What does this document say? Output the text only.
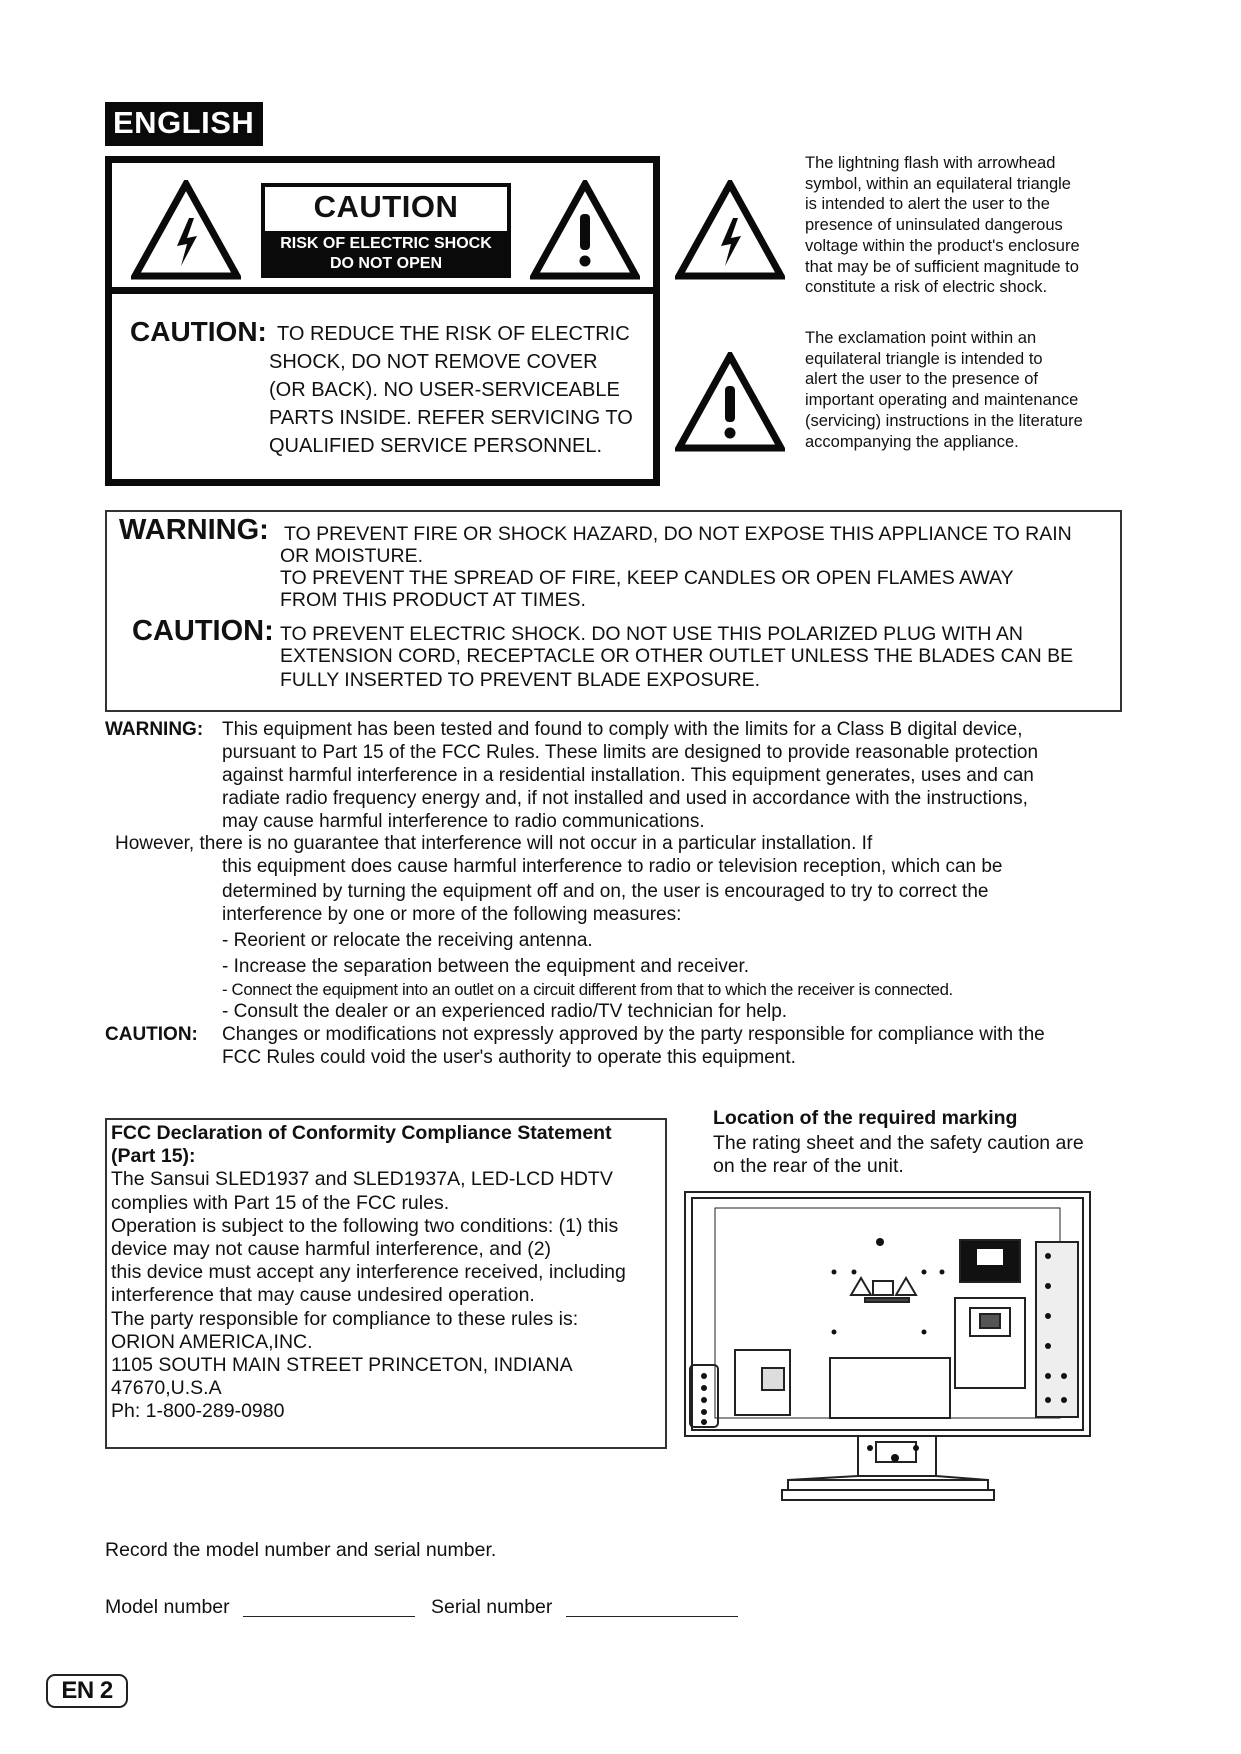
ENGLISH
CAUTION
RISK OF ELECTRIC SHOCK
DO NOT OPEN
CAUTION: TO REDUCE THE RISK OF ELECTRIC
SHOCK, DO NOT REMOVE COVER
(OR BACK). NO USER-SERVICEABLE
PARTS INSIDE. REFER SERVICING TO
QUALIFIED SERVICE PERSONNEL.
The lightning flash with arrowhead
symbol, within an equilateral triangle
is intended to alert the user to the
presence of uninsulated dangerous
voltage within the product's enclosure
that may be of sufficient magnitude to
constitute a risk of electric shock.
The exclamation point within an
equilateral triangle is intended to
alert the user to the presence of
important operating and maintenance
(servicing) instructions in the literature
accompanying the appliance.
WARNING: TO PREVENT FIRE OR SHOCK HAZARD, DO NOT EXPOSE THIS APPLIANCE TO RAIN
OR MOISTURE.
TO PREVENT THE SPREAD OF FIRE, KEEP CANDLES OR OPEN FLAMES AWAY
FROM THIS PRODUCT AT TIMES.
CAUTION: TO PREVENT ELECTRIC SHOCK. DO NOT USE THIS POLARIZED PLUG WITH AN
EXTENSION CORD, RECEPTACLE OR OTHER OUTLET UNLESS THE BLADES CAN BE
FULLY INSERTED TO PREVENT BLADE EXPOSURE.
WARNING: This equipment has been tested and found to comply with the limits for a Class B digital device,
pursuant to Part 15 of the FCC Rules. These limits are designed to provide reasonable protection
against harmful interference in a residential installation. This equipment generates, uses and can
radiate radio frequency energy and, if not installed and used in accordance with the instructions,
may cause harmful interference to radio communications.
However, there is no guarantee that interference will not occur in a particular installation. If
this equipment does cause harmful interference to radio or television reception, which can be
determined by turning the equipment off and on, the user is encouraged to try to correct the
interference by one or more of the following measures:
- Reorient or relocate the receiving antenna.
- Increase the separation between the equipment and receiver.
- Connect the equipment into an outlet on a circuit different from that to which the receiver is connected.
- Consult the dealer or an experienced radio/TV technician for help.
CAUTION: Changes or modifications not expressly approved by the party responsible for compliance with the
FCC Rules could void the user's authority to operate this equipment.
FCC Declaration of Conformity Compliance Statement
(Part 15):
The Sansui SLED1937 and SLED1937A, LED-LCD HDTV
complies with Part 15 of the FCC rules.
Operation is subject to the following two conditions: (1) this
device may not cause harmful interference, and (2)
this device must accept any interference received, including
interference that may cause undesired operation.
The party responsible for compliance to these rules is:
ORION AMERICA,INC.
1105 SOUTH MAIN STREET PRINCETON, INDIANA
47670,U.S.A
Ph: 1-800-289-0980
Location of the required marking
The rating sheet and the safety caution are
on the rear of the unit.
Record the model number and serial number.
Model number	Serial number
EN 2
